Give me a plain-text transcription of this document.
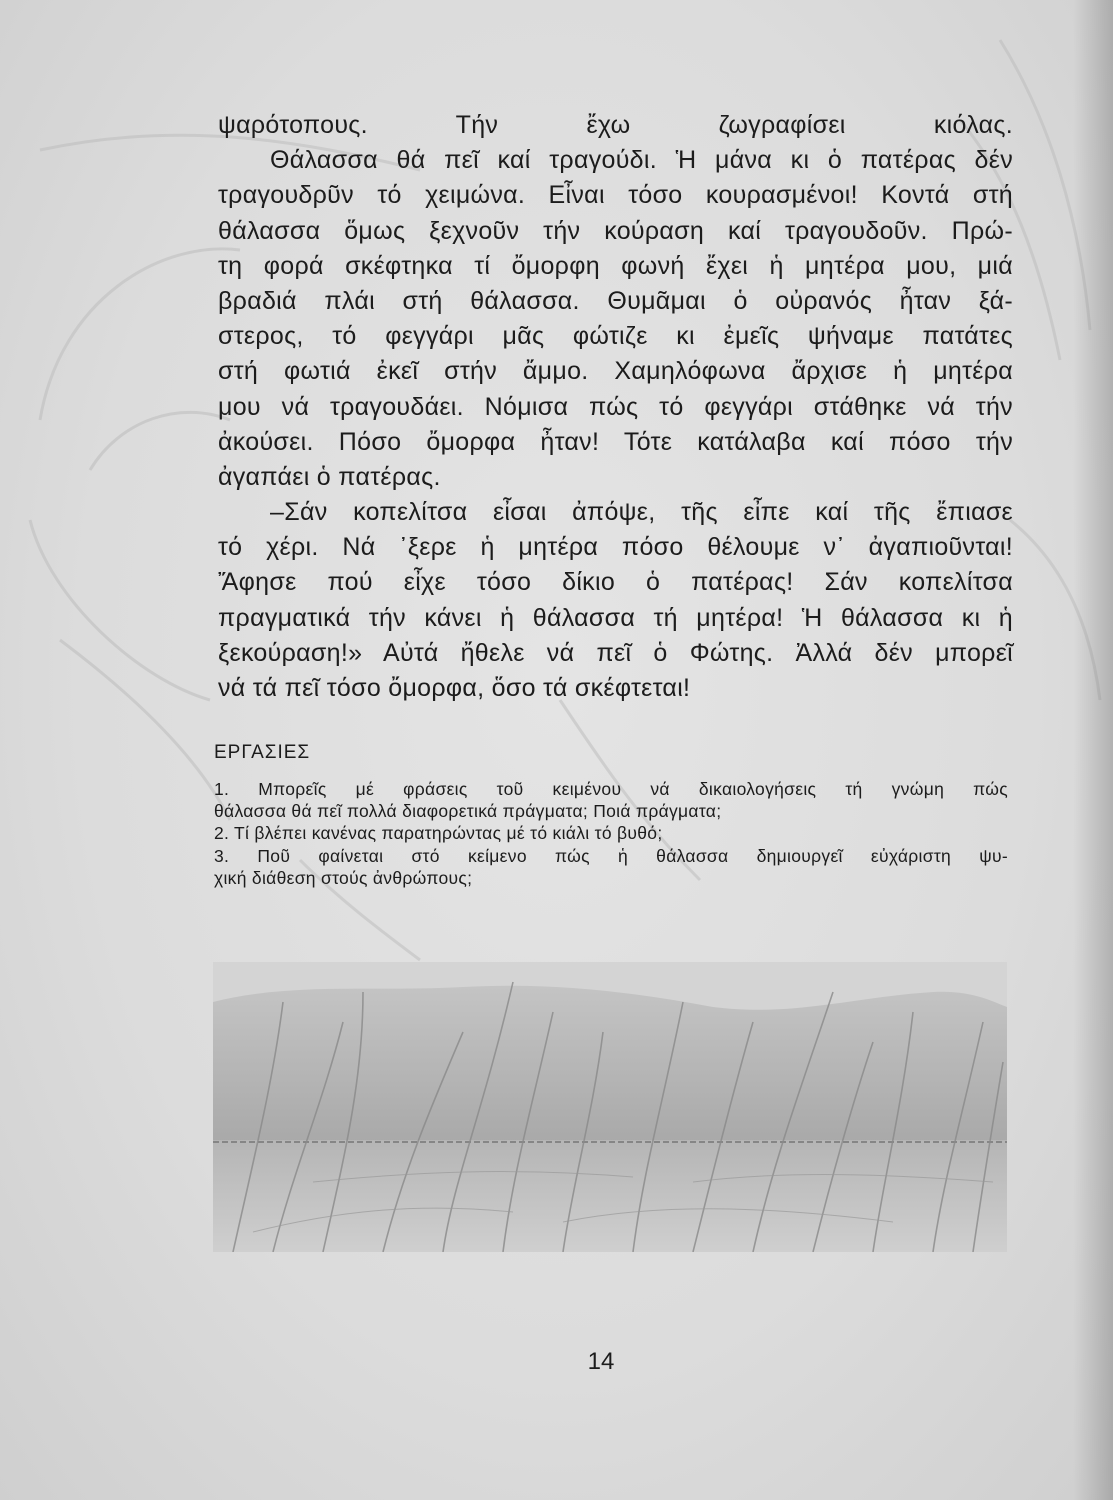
ψαρότοπους. Τήν ἔχω ζωγραφίσει κιόλας.
Θάλασσα θά πεῖ καί τραγούδι. Ἡ μάνα κι ὁ πατέρας δέν
τραγουδρῦν τό χειμώνα. Εἶναι τόσο κουρασμένοι! Κοντά στή
θάλασσα ὅμως ξεχνοῦν τήν κούραση καί τραγουδοῦν. Πρώ-
τη φορά σκέφτηκα τί ὄμορφη φωνή ἔχει ἡ μητέρα μου, μιά
βραδιά πλάι στή θάλασσα. Θυμᾶμαι ὁ οὐρανός ἦταν ξά-
στερος, τό φεγγάρι μᾶς φώτιζε κι ἐμεῖς ψήναμε πατάτες
στή φωτιά ἐκεῖ στήν ἄμμο. Χαμηλόφωνα ἄρχισε ἡ μητέρα
μου νά τραγουδάει. Νόμισα πώς τό φεγγάρι στάθηκε νά τήν
ἀκούσει. Πόσο ὄμορφα ἦταν! Τότε κατάλαβα καί πόσο τήν
ἀγαπάει ὁ πατέρας.
–Σάν κοπελίτσα εἶσαι ἀπόψε, τῆς εἶπε καί τῆς ἔπιασε
τό χέρι. Νά ᾽ξερε ἡ μητέρα πόσο θέλουμε ν᾽ ἀγαπιοῦνται!
Ἄφησε πού εἶχε τόσο δίκιο ὁ πατέρας! Σάν κοπελίτσα
πραγματικά τήν κάνει ἡ θάλασσα τή μητέρα! Ἡ θάλασσα κι ἡ
ξεκούραση!» Αὐτά ἤθελε νά πεῖ ὁ Φώτης. Ἀλλά δέν μπορεῖ
νά τά πεῖ τόσο ὄμορφα, ὅσο τά σκέφτεται!
ΕΡΓΑΣΙΕΣ
1. Μπορεῖς μέ φράσεις τοῦ κειμένου νά δικαιολογήσεις τή γνώμη πώς
θάλασσα θά πεῖ πολλά διαφορετικά πράγματα; Ποιά πράγματα;
2. Τί βλέπει κανένας παρατηρώντας μέ τό κιάλι τό βυθό;
3. Ποῦ φαίνεται στό κείμενο πώς ἡ θάλασσα δημιουργεῖ εὐχάριστη ψυ-
χική διάθεση στούς ἀνθρώπους;
14
